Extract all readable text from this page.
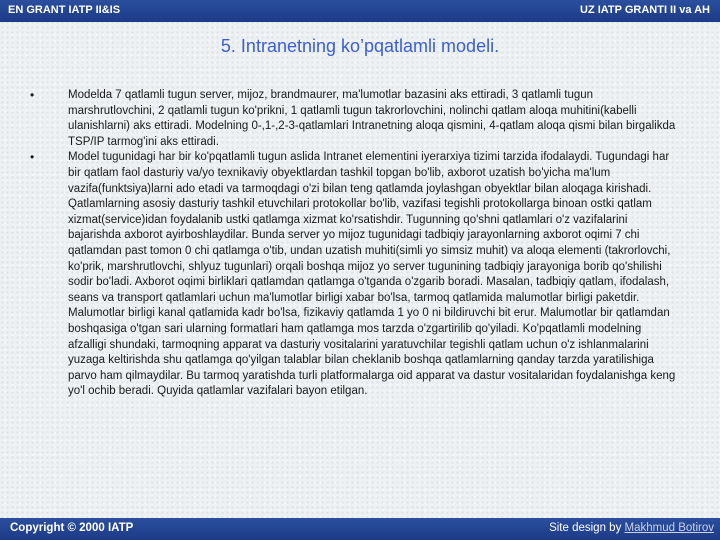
EN GRANT IATP II&IS	UZ IATP GRANTI II va AH
5. Intranetning ko’pqatlamli modeli.
•	Modelda 7 qatlamli tugun server, mijoz, brandmaurer, ma'lumotlar bazasini aks ettiradi, 3 qatlamli tugun marshrutlovchini, 2 qatlamli tugun ko'prikni, 1 qatlamli tugun takrorlovchini, nolinchi qatlam aloqa muhitini(kabelli ulanishlarni) aks ettiradi. Modelning 0-,1-,2-3-qatlamlari Intranetning aloqa qismini, 4-qatlam aloqa qismi bilan birgalikda TSP/IP tarmog'ini aks ettiradi.
•	Model tugunidagi har bir ko'pqatlamli tugun aslida Intranet elementini iyerarxiya tizimi tarzida ifodalaydi. Tugundagi har bir qatlam faol dasturiy va/yo texnikaviy obyektlardan tashkil topgan bo'lib, axborot uzatish bo'yicha ma'lum vazifa(funktsiya)larni ado etadi va tarmoqdagi o'zi bilan teng qatlamda joylashgan obyektlar bilan aloqaga kirishadi. Qatlamlarning asosiy dasturiy tashkil etuvchilari protokollar bo'lib, vazifasi tegishli protokollarga binoan ostki qatlam xizmat(service)idan foydalanib ustki qatlamga xizmat ko'rsatishdir. Tugunning qo'shni qatlamlari o'z vazifalarini bajarishda axborot ayirboshlaydilar. Bunda server yo mijoz tugunidagi tadbiqiy jarayonlarning axborot oqimi 7 chi qatlamdan past tomon 0 chi qatlamga o'tib, undan uzatish muhiti(simli yo simsiz muhit) va aloqa elementi (takrorlovchi, ko'prik, marshrutlovchi, shlyuz tugunlari) orqali boshqa mijoz yo server tugunining tadbiqiy jarayoniga borib qo'shilishi sodir bo'ladi. Axborot oqimi birliklari qatlamdan qatlamga o'tganda o'zgarib boradi. Masalan, tadbiqiy qatlam, ifodalash, seans va transport qatlamlari uchun ma'lumotlar birligi xabar bo'lsa, tarmoq qatlamida malumotlar birligi paketdir. Malumotlar birligi kanal qatlamida kadr bo'lsa, fizikaviy qatlamda 1 yo 0 ni bildiruvchi bit erur. Malumotlar bir qatlamdan boshqasiga o'tgan sari ularning formatlari ham qatlamga mos tarzda o'zgartirilib qo'yiladi. Ko'pqatlamli modelning afzalligi shundaki, tarmoqning apparat va dasturiy vositalarini yaratuvchilar tegishli qatlam uchun o'z ishlanmalarini yuzaga keltirishda shu qatlamga qo'yilgan talablar bilan cheklanib boshqa qatlamlarning qanday tarzda yaratilishiga parvo ham qilmaydilar. Bu tarmoq yaratishda turli platformalarga oid apparat va dastur vositalaridan foydalanishga keng yo'l ochib beradi. Quyida qatlamlar vazifalari bayon etilgan.
Copyright © 2000 IATP	Site design by Makhmud Botirov
